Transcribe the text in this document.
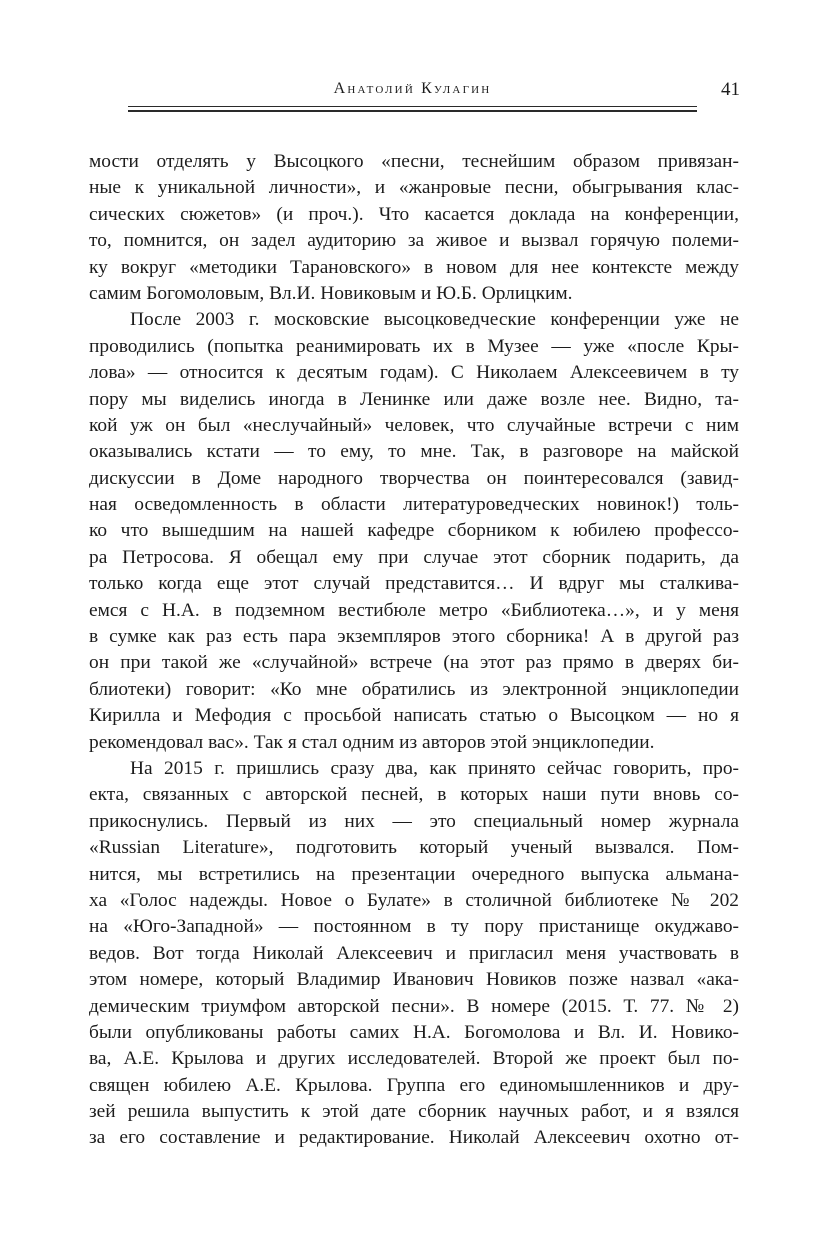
Анатолий Кулагин	41
мости отделять у Высоцкого «песни, теснейшим образом привязан-
ные к уникальной личности», и «жанровые песни, обыгрывания клас-
сических сюжетов» (и проч.). Что касается доклада на конференции,
то, помнится, он задел аудиторию за живое и вызвал горячую полеми-
ку вокруг «методики Тарановского» в новом для нее контексте между
самим Богомоловым, Вл.И. Новиковым и Ю.Б. Орлицким.
После 2003 г. московские высоцковедческие конференции уже не
проводились (попытка реанимировать их в Музее — уже «после Кры-
лова» — относится к десятым годам). С Николаем Алексеевичем в ту
пору мы виделись иногда в Ленинке или даже возле нее. Видно, та-
кой уж он был «неслучайный» человек, что случайные встречи с ним
оказывались кстати — то ему, то мне. Так, в разговоре на майской
дискуссии в Доме народного творчества он поинтересовался (завид-
ная осведомленность в области литературоведческих новинок!) толь-
ко что вышедшим на нашей кафедре сборником к юбилею профессо-
ра Петросова. Я обещал ему при случае этот сборник подарить, да
только когда еще этот случай представится… И вдруг мы сталкива-
емся с Н.А. в подземном вестибюле метро «Библиотека…», и у меня
в сумке как раз есть пара экземпляров этого сборника! А в другой раз
он при такой же «случайной» встрече (на этот раз прямо в дверях би-
блиотеки) говорит: «Ко мне обратились из электронной энциклопедии
Кирилла и Мефодия с просьбой написать статью о Высоцком — но я
рекомендовал вас». Так я стал одним из авторов этой энциклопедии.
На 2015 г. пришлись сразу два, как принято сейчас говорить, про-
екта, связанных с авторской песней, в которых наши пути вновь со-
прикоснулись. Первый из них — это специальный номер журнала
«Russian Literature», подготовить который ученый вызвался. Пом-
нится, мы встретились на презентации очередного выпуска альмана-
ха «Голос надежды. Новое о Булате» в столичной библиотеке № 202
на «Юго-Западной» — постоянном в ту пору пристанище окуджаво-
ведов. Вот тогда Николай Алексеевич и пригласил меня участвовать в
этом номере, который Владимир Иванович Новиков позже назвал «ака-
демическим триумфом авторской песни». В номере (2015. Т. 77. № 2)
были опубликованы работы самих Н.А. Богомолова и Вл. И. Новико-
ва, А.Е. Крылова и других исследователей. Второй же проект был по-
священ юбилею А.Е. Крылова. Группа его единомышленников и дру-
зей решила выпустить к этой дате сборник научных работ, и я взялся
за его составление и редактирование. Николай Алексеевич охотно от-
